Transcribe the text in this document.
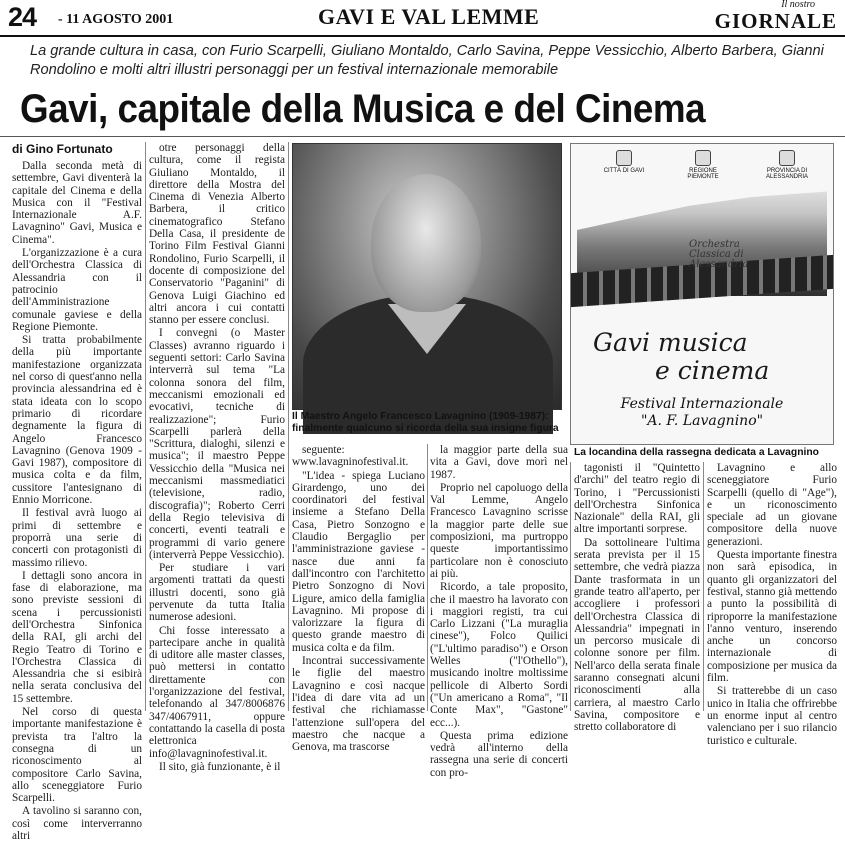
24 - 11 AGOSTO 2001	GAVI E VAL LEMME	Il nostro
GIORNALE
La grande cultura in casa, con Furio Scarpelli, Giuliano Montaldo, Carlo Savina, Peppe Vessicchio, Alberto Barbera, Gianni Rondolino e molti altri illustri personaggi per un festival internazionale memorabile
Gavi, capitale della Musica e del Cinema
di Gino Fortunato

Dalla seconda metà di settembre, Gavi diventerà la capitale del Cinema e della Musica con il "Festival Internazionale A.F. Lavagnino" Gavi, Musica e Cinema".

L'organizzazione è a cura dell'Orchestra Classica di Alessandria con il patrocinio dell'Amministrazione comunale gaviese e della Regione Piemonte.

Si tratta probabilmente della più importante manifestazione organizzata nel corso di quest'anno nella provincia alessandrina ed è stata ideata con lo scopo primario di ricordare degnamente la figura di Angelo Francesco Lavagnino (Genova 1909 - Gavi 1987), compositore di musica colta e da film, cussitore l'antesignano di Ennio Morricone.

Il festival avrà luogo ai primi di settembre e proporrà una serie di concerti con protagonisti di massimo rilievo.

I dettagli sono ancora in fase di elaborazione, ma sono previste sessioni di scena i percussionisti dell'Orchestra Sinfonica della RAI, gli archi del Regio Teatro di Torino e l'Orchestra Classica di Alessandria che si esibirà nella serata conclusiva del 15 settembre.

Nel corso di questa importante manifestazione è prevista tra l'altro la consegna di un riconoscimento al compositore Carlo Savina, allo sceneggiatore Furio Scarpelli.

A tavolino si saranno con, così come interverranno altri

otre personaggi della cultura, come il regista Giuliano Montaldo, il direttore della Mostra del Cinema di Venezia Alberto Barbera, il critico cinematografico Stefano Della Casa, il presidente de Torino Film Festival Gianni Rondolino, Furio Scarpelli, il docente di composizione del Conservatorio "Paganini" di Genova Luigi Giachino ed altri ancora i cui contatti stanno per essere conclusi.

I convegni (o Master Classes) avranno riguardo i seguenti settori: Carlo Savina interverrà sul tema "La colonna sonora del film, meccanismi emozionali ed evocativi, tecniche di realizzazione"; Furio Scarpelli parlerà della "Scrittura, dialoghi, silenzi e musica"; il maestro Peppe Vessicchio della "Musica nei meccanismi massmediatici (televisione, radio, discografia)"; Roberto Cerri della Regio televisiva di concerti, eventi teatrali e programmi di vario genere (interverrà Peppe Vessicchio).

Per studiare i vari argomenti trattati da questi illustri docenti, sono già pervenute da tutta Italia numerose adesioni.

Chi fosse interessato a partecipare anche in qualità di uditore alle master classes, può mettersi in contatto direttamente con l'organizzazione del festival, telefonando al 347/8006876 347/4067911, oppure contattando la casella di posta elettronica info@lavagninofestival.it.

Il sito, già funzionante, è il

Il Maestro Angelo Francesco Lavagnino (1909-1987): finalmente qualcuno si ricorda della sua insigne figura
CITTÀ DI GAVI	REGIONE PIEMONTE
PROVINCIA DI ALESSANDRIA
Orchestra Classica di Alessandria
Gavi musica
e cinema
Festival Internazionale
"A. F. Lavagnino"
La locandina della rassegna dedicata a Lavagnino

seguente: www.lavagninofestival.it.

"L'idea - spiega Luciano Girardengo, uno dei coordinatori del festival insieme a Stefano Della Casa, Pietro Sonzogno e Claudio Bergaglio per l'amministrazione gaviese - nasce due anni fa dall'incontro con l'architetto Pietro Sonzogno di Novi Ligure, amico della famiglia Lavagnino. Mi propose di valorizzare la figura di questo grande maestro di musica colta e da film.

Incontrai successivamente le figlie del maestro Lavagnino e così nacque l'idea di dare vita ad un festival che richiamasse l'attenzione sull'opera del maestro che nacque a Genova, ma trascorse

la maggior parte della sua vita a Gavi, dove morì nel 1987.

Proprio nel capoluogo della Val Lemme, Angelo Francesco Lavagnino scrisse la maggior parte delle sue composizioni, ma purtroppo queste importantissimo particolare non è conosciuto ai più.

Ricordo, a tale proposito, che il maestro ha lavorato con i maggiori registi, tra cui Carlo Lizzani ("La muraglia cinese"), Folco Quilici ("L'ultimo paradiso") e Orson Welles ("l'Othello"), musicando inoltre moltissime pellicole di Alberto Sordi ("Un americano a Roma", "Il Conte Max", "Gastone" ecc...).

Questa prima edizione vedrà all'interno della rassegna una serie di concerti con pro-

tagonisti il "Quintetto d'archi" del teatro regio di Torino, i "Percussionisti dell'Orchestra Sinfonica Nazionale" della RAI, gli altre importanti sorprese.

Da sottolineare l'ultima serata prevista per il 15 settembre, che vedrà piazza Dante trasformata in un grande teatro all'aperto, per accogliere i professori dell'Orchestra Classica di Alessandria" impegnati in un percorso musicale di colonne sonore per film. Nell'arco della serata finale saranno consegnati alcuni riconoscimenti alla carriera, al maestro Carlo Savina, compositore e stretto collaboratore di

Lavagnino e allo sceneggiatore Furio Scarpelli (quello di "Age"), e un riconoscimento speciale ad un giovane compositore della nuove generazioni.

Questa importante finestra non sarà episodica, in quanto gli organizzatori del festival, stanno già mettendo a punto la possibilità di riproporre la manifestazione l'anno venturo, inserendo anche un concorso internazionale di composizione per musica da film.

Si tratterebbe di un caso unico in Italia che offrirebbe un enorme input al centro valenciano per i suo rilancio turistico e culturale.
